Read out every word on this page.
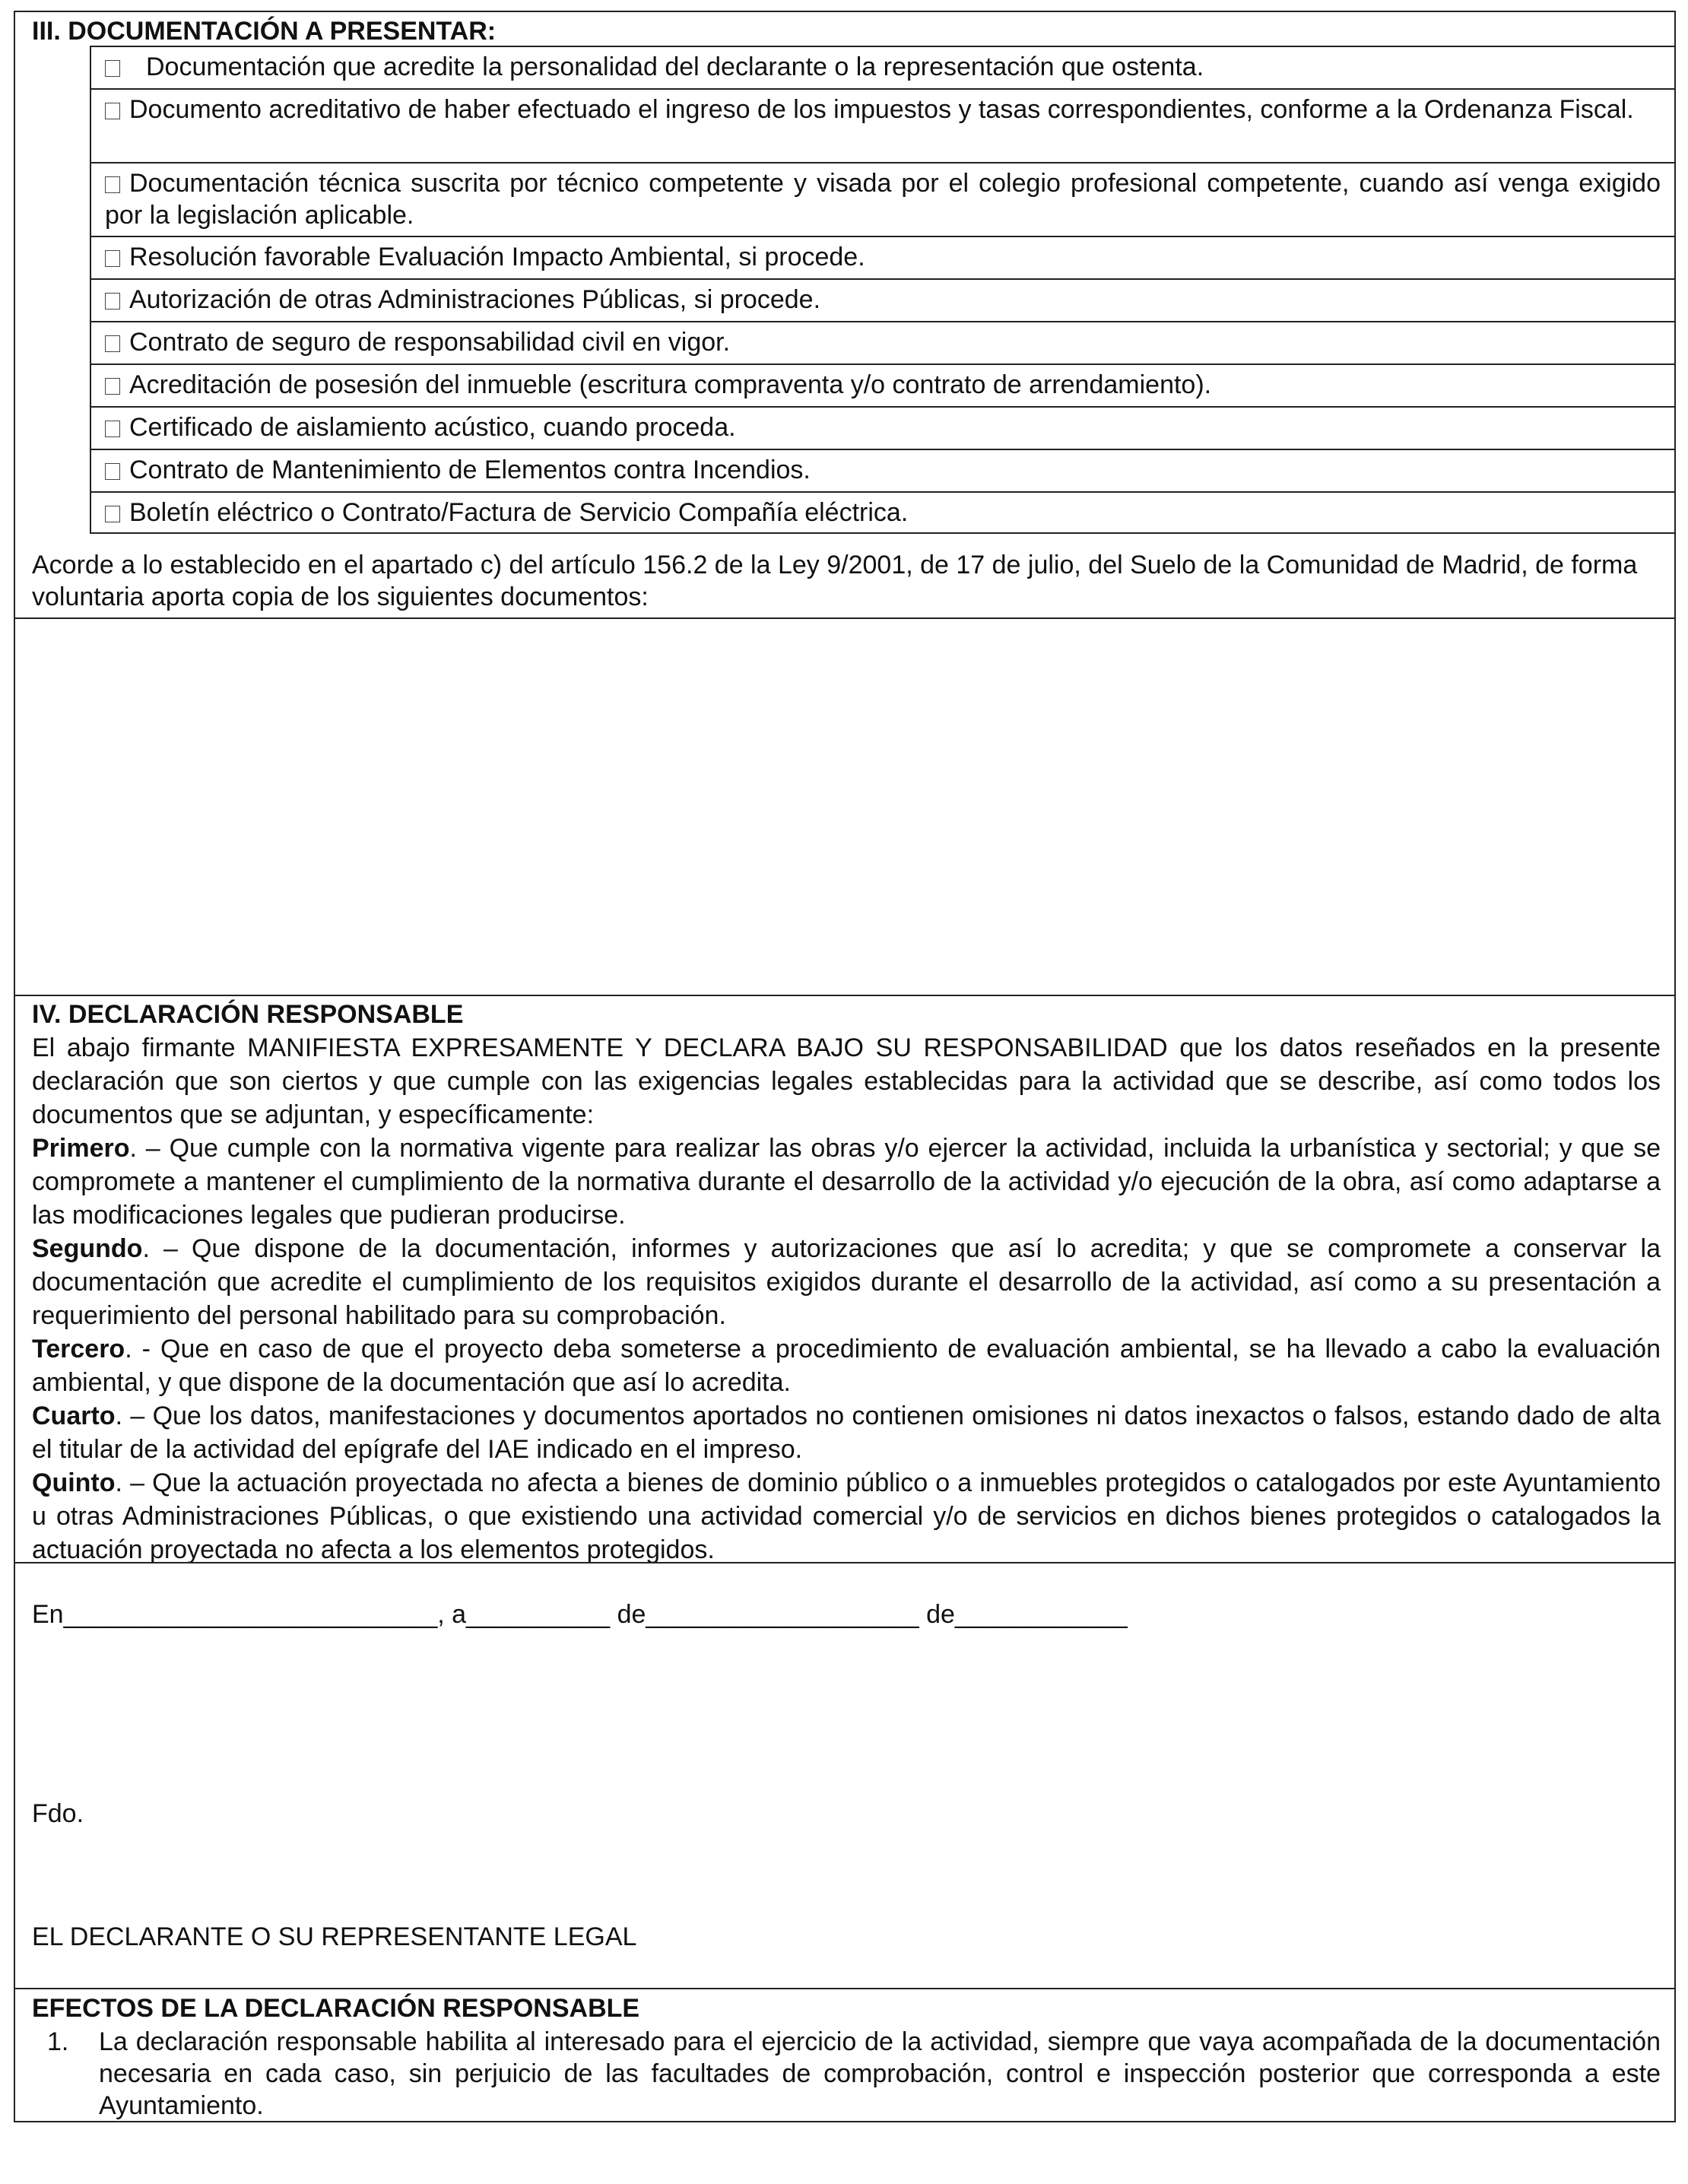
III. DOCUMENTACIÓN A PRESENTAR:
Documentación que acredite la personalidad del declarante o la representación que ostenta.
Documento acreditativo de haber efectuado el ingreso de los impuestos y tasas correspondientes, conforme a la Ordenanza Fiscal.
Documentación técnica suscrita por técnico competente y visada por el colegio profesional competente, cuando así venga exigido por la legislación aplicable.
Resolución favorable Evaluación Impacto Ambiental, si procede.
Autorización de otras Administraciones Públicas, si procede.
Contrato de seguro de responsabilidad civil en vigor.
Acreditación de posesión del inmueble (escritura compraventa y/o contrato de arrendamiento).
Certificado de aislamiento acústico, cuando proceda.
Contrato de Mantenimiento de Elementos contra Incendios.
Boletín eléctrico o Contrato/Factura de Servicio Compañía eléctrica.
Acorde a lo establecido en el apartado c) del artículo 156.2 de la Ley 9/2001, de 17 de julio, del Suelo de la Comunidad de Madrid, de forma voluntaria aporta copia de los siguientes documentos:
IV. DECLARACIÓN RESPONSABLE

El abajo firmante MANIFIESTA EXPRESAMENTE Y DECLARA BAJO SU RESPONSABILIDAD que los datos reseñados en la presente declaración que son ciertos y que cumple con las exigencias legales establecidas para la actividad que se describe, así como todos los documentos que se adjuntan, y específicamente:

Primero. – Que cumple con la normativa vigente para realizar las obras y/o ejercer la actividad, incluida la urbanística y sectorial; y que se compromete a mantener el cumplimiento de la normativa durante el desarrollo de la actividad y/o ejecución de la obra, así como adaptarse a las modificaciones legales que pudieran producirse.

Segundo. – Que dispone de la documentación, informes y autorizaciones que así lo acredita; y que se compromete a conservar la documentación que acredite el cumplimiento de los requisitos exigidos durante el desarrollo de la actividad, así como a su presentación a requerimiento del personal habilitado para su comprobación.

Tercero. - Que en caso de que el proyecto deba someterse a procedimiento de evaluación ambiental, se ha llevado a cabo la evaluación ambiental, y que dispone de la documentación que así lo acredita.

Cuarto. – Que los datos, manifestaciones y documentos aportados no contienen omisiones ni datos inexactos o falsos, estando dado de alta el titular de la actividad del epígrafe del IAE indicado en el impreso.

Quinto. – Que la actuación proyectada no afecta a bienes de dominio público o a inmuebles protegidos o catalogados por este Ayuntamiento u otras Administraciones Públicas, o que existiendo una actividad comercial y/o de servicios en dichos bienes protegidos o catalogados la actuación proyectada no afecta a los elementos protegidos.

En__________________________, a__________ de___________________ de____________
Fdo.
EL DECLARANTE O SU REPRESENTANTE LEGAL
EFECTOS DE LA DECLARACIÓN RESPONSABLE
1.	La declaración responsable habilita al interesado para el ejercicio de la actividad, siempre que vaya acompañada de la documentación necesaria en cada caso, sin perjuicio de las facultades de comprobación, control e inspección posterior que corresponda a este Ayuntamiento.
